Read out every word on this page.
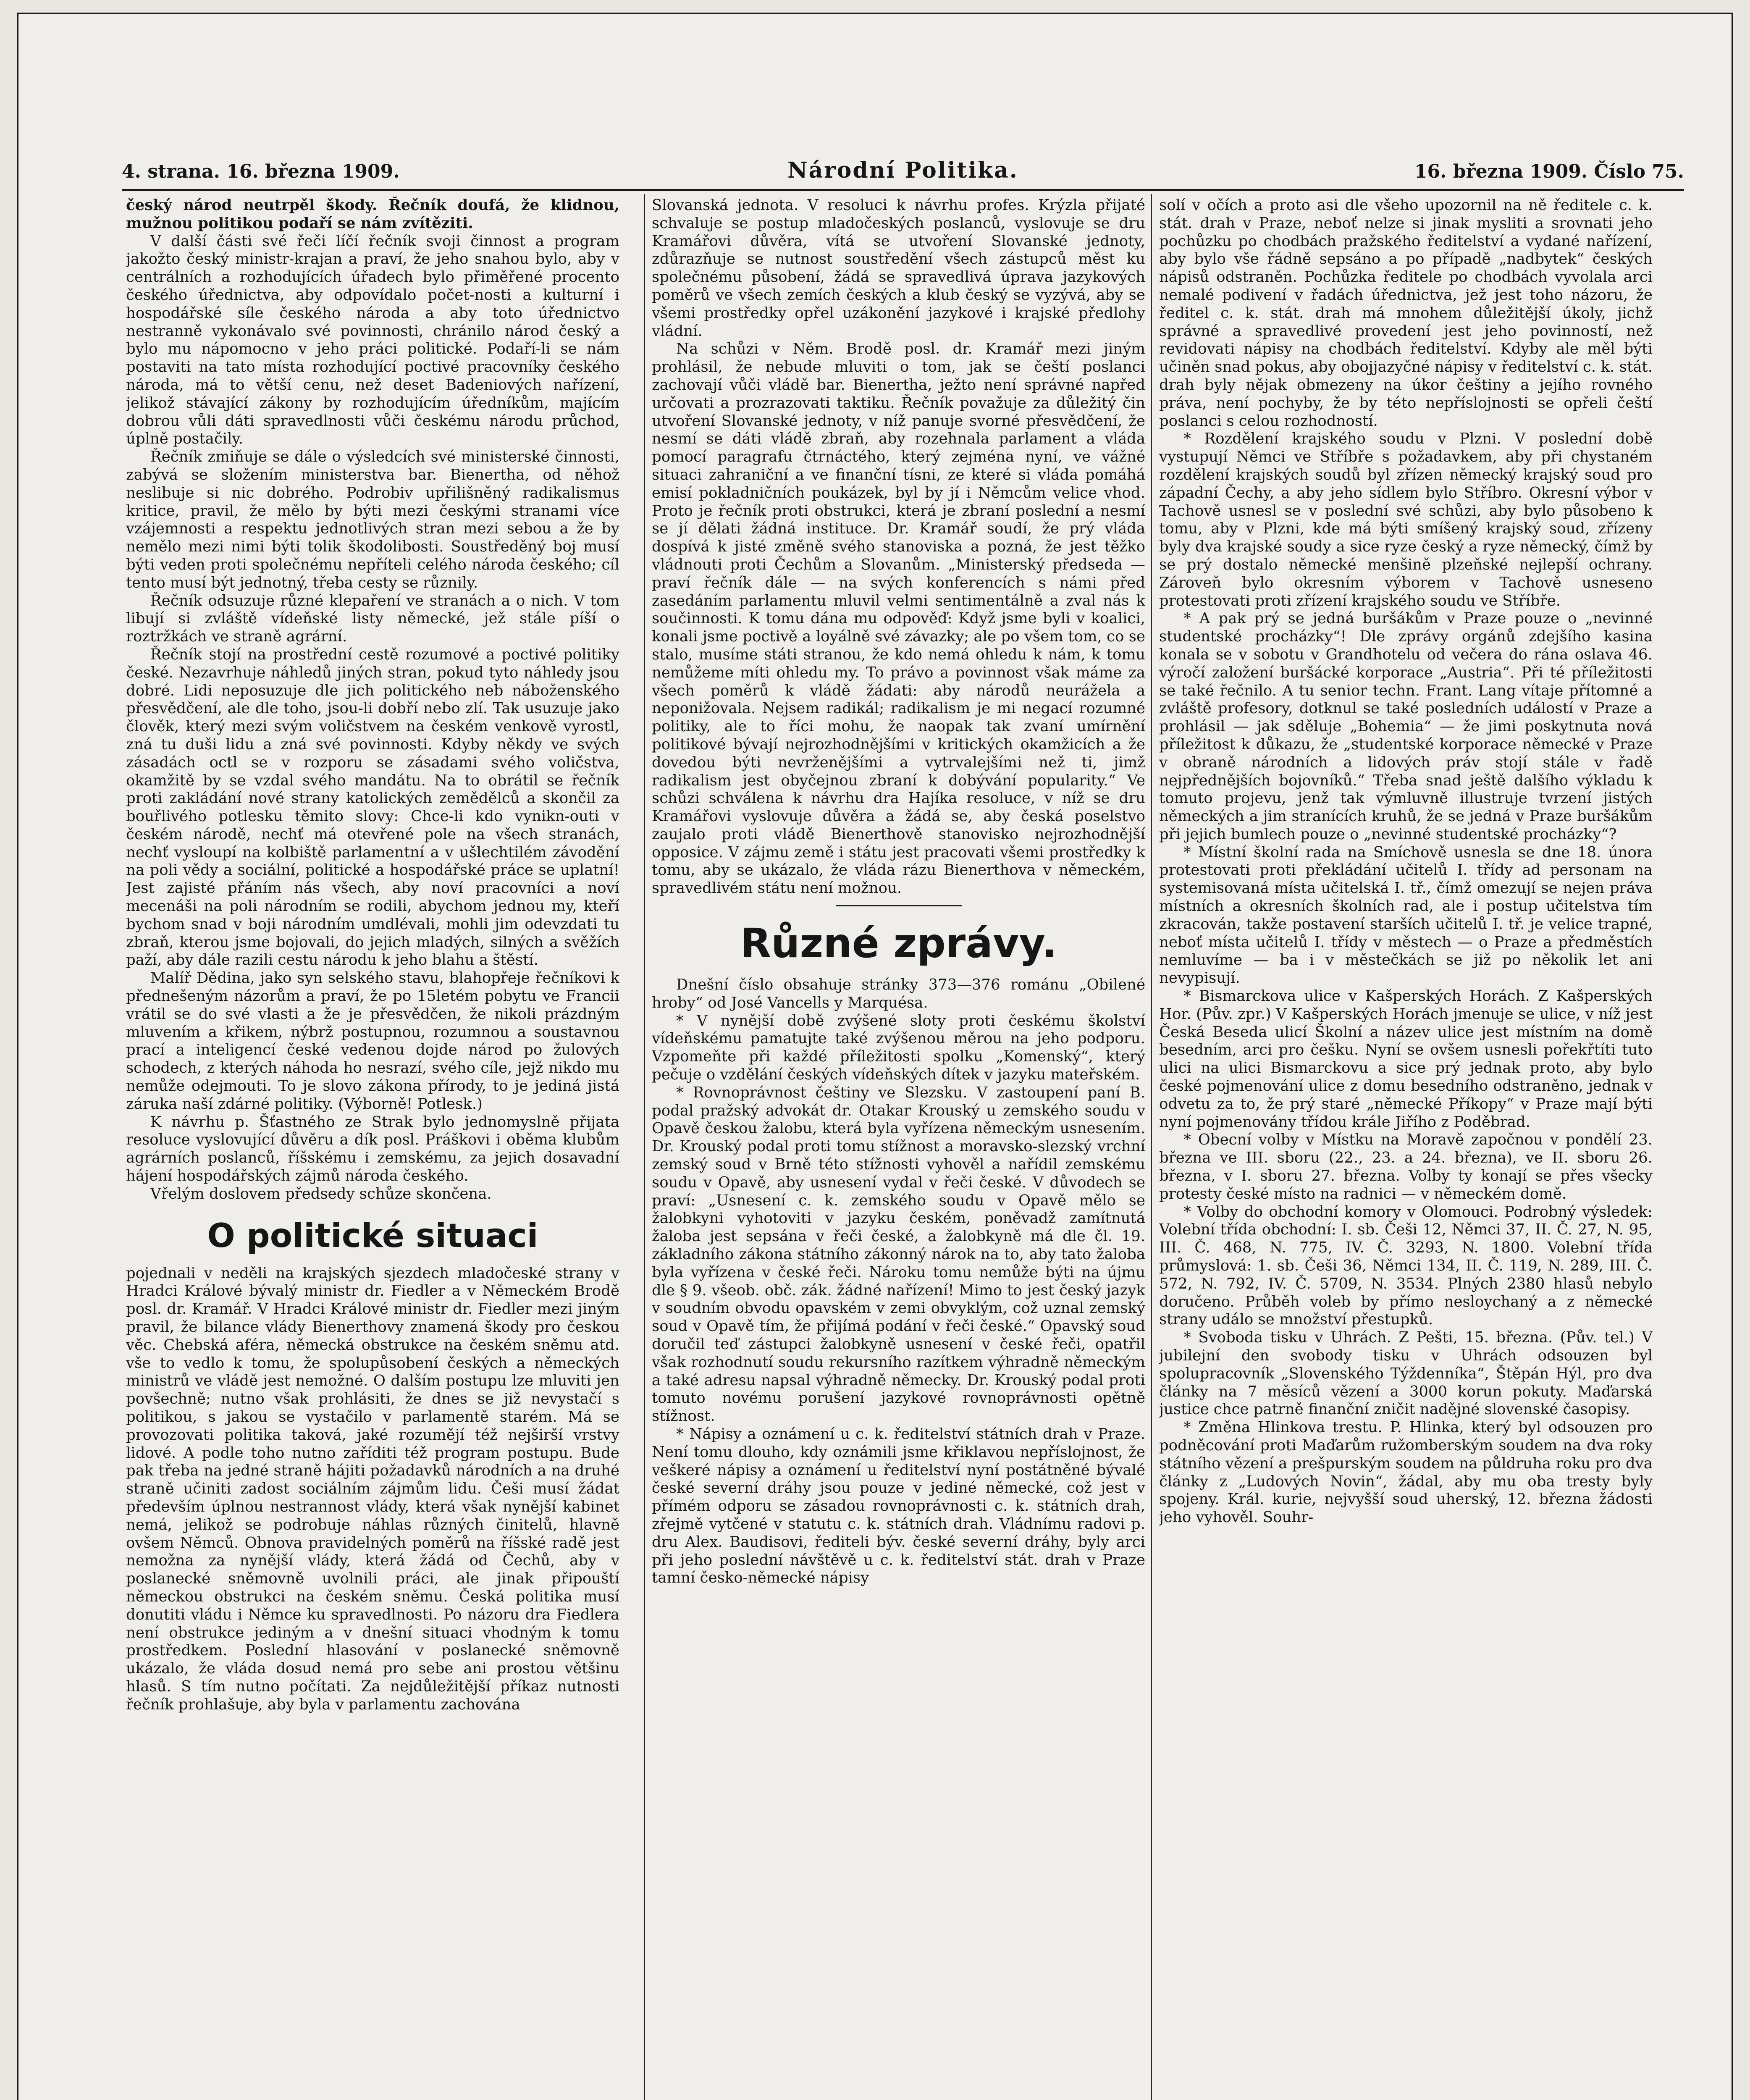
4. strana. 16. března 1909.	Národní Politika.	16. března 1909. Číslo 75.

český národ neutrpěl škody. Řečník doufá, že klidnou, mužnou politikou podaří se nám zvítěziti.

V další části své řeči líčí řečník svoji činnost a program jakožto český ministr-krajan a praví, že jeho snahou bylo, aby v centrálních a rozhodujících úřadech bylo přiměřené procento českého úřednictva, aby odpovídalo počet-nosti a kulturní i hospodářské síle českého národa a aby toto úřednictvo nestranně vykonávalo své povinnosti, chránilo národ český a bylo mu nápomocno v jeho práci politické. Podaří-li se nám postaviti na tato místa rozhodující poctivé pracovníky českého národa, má to větší cenu, než deset Badeniových nařízení, jelikož stávající zákony by rozhodujícím úředníkům, majícím dobrou vůli dáti spravedlnosti vůči českému národu průchod, úplně postačily.

Řečník zmiňuje se dále o výsledcích své ministerské činnosti, zabývá se složením ministerstva bar. Bienertha, od něhož neslibuje si nic dobrého. Podrobiv upřilišněný radikalismus kritice, pravil, že mělo by býti mezi českými stranami více vzájemnosti a respektu jednotlivých stran mezi sebou a že by nemělo mezi nimi býti tolik škodolibosti. Soustředěný boj musí býti veden proti společnému nepříteli celého národa českého; cíl tento musí být jednotný, třeba cesty se různily.

Řečník odsuzuje různé klepaření ve stranách a o nich. V tom libují si zvláště vídeňské listy německé, jež stále píší o roztržkách ve straně agrární.

Řečník stojí na prostřední cestě rozumové a poctivé politiky české. Nezavrhuje náhledů jiných stran, pokud tyto náhledy jsou dobré. Lidi neposuzuje dle jich politického neb náboženského přesvědčení, ale dle toho, jsou-li dobří nebo zlí. Tak usuzuje jako člověk, který mezi svým voličstvem na českém venkově vyrostl, zná tu duši lidu a zná své povinnosti. Kdyby někdy ve svých zásadách octl se v rozporu se zásadami svého voličstva, okamžitě by se vzdal svého mandátu. Na to obrátil se řečník proti zakládání nové strany katolických zemědělců a skončil za bouřlivého potlesku těmito slovy: Chce-li kdo vynikn-outi v českém národě, nechť má otevřené pole na všech stranách, nechť vysloupí na kolbiště parlamentní a v ušlechtilém závodění na poli vědy a sociální, politické a hospodářské práce se uplatní! Jest zajisté přáním nás všech, aby noví pracovníci a noví mecenáši na poli národním se rodili, abychom jednou my, kteří bychom snad v boji národním umdlévali, mohli jim odevzdati tu zbraň, kterou jsme bojovali, do jejich mladých, silných a svěžích paží, aby dále razili cestu národu k jeho blahu a štěstí.

Malíř Dědina, jako syn selského stavu, blahopřeje řečníkovi k přednešeným názorům a praví, že po 15letém pobytu ve Francii vrátil se do své vlasti a že je přesvědčen, že nikoli prázdným mluvením a křikem, nýbrž postupnou, rozumnou a soustavnou prací a inteligencí české vedenou dojde národ po žulových schodech, z kterých náhoda ho nesrazí, svého cíle, jejž nikdo mu nemůže odejmouti. To je slovo zákona přírody, to je jediná jistá záruka naší zdárné politiky. (Výborně! Potlesk.)

K návrhu p. Šťastného ze Strak bylo jednomyslně přijata resoluce vyslovující důvěru a dík posl. Práškovi i oběma klubům agrárních poslanců, říšskému i zemskému, za jejich dosavadní hájení hospodářských zájmů národa českého.

Vřelým doslovem předsedy schůze skončena.

O politické situaci

pojednali v neděli na krajských sjezdech mladočeské strany v Hradci Králové bývalý ministr dr. Fiedler a v Německém Brodě posl. dr. Kramář. V Hradci Králové ministr dr. Fiedler mezi jiným pravil, že bilance vlády Bienerthovy znamená škody pro českou věc. Chebská aféra, německá obstrukce na českém sněmu atd. vše to vedlo k tomu, že spolupůsobení českých a německých ministrů ve vládě jest nemožné. O dalším postupu lze mluviti jen povšechně; nutno však prohlásiti, že dnes se již nevystačí s politikou, s jakou se vystačilo v parlamentě starém. Má se provozovati politika taková, jaké rozumějí též nejširší vrstvy lidové. A podle toho nutno zaříditi též program postupu. Bude pak třeba na jedné straně hájiti požadavků národních a na druhé straně učiniti zadost sociálním zájmům lidu. Češi musí žádat především úplnou nestrannost vlády, která však nynější kabinet nemá, jelikož se podrobuje náhlas různých činitelů, hlavně ovšem Němců. Obnova pravidelných poměrů na říšské radě jest nemožna za nynější vlády, která žádá od Čechů, aby v poslanecké sněmovně uvolnili práci, ale jinak připouští německou obstrukci na českém sněmu. Česká politika musí donutiti vládu i Němce ku spravedlnosti. Po názoru dra Fiedlera není obstrukce jediným a v dnešní situaci vhodným k tomu prostředkem. Poslední hlasování v poslanecké sněmovně ukázalo, že vláda dosud nemá pro sebe ani prostou většinu hlasů. S tím nutno počítati. Za nejdůležitější příkaz nutnosti řečník prohlašuje, aby byla v parlamentu zachována

Slovanská jednota. V resoluci k návrhu profes. Krýzla přijaté schvaluje se postup mladočeských poslanců, vyslovuje se dru Kramářovi důvěra, vítá se utvoření Slovanské jednoty, zdůrazňuje se nutnost soustředění všech zástupců měst ku společnému působení, žádá se spravedlivá úprava jazykových poměrů ve všech zemích českých a klub český se vyzývá, aby se všemi prostředky opřel uzákonění jazykové i krajské předlohy vládní.

Na schůzi v Něm. Brodě posl. dr. Kramář mezi jiným prohlásil, že nebude mluviti o tom, jak se čeští poslanci zachovají vůči vládě bar. Bienertha, ježto není správné napřed určovati a prozrazovati taktiku. Řečník považuje za důležitý čin utvoření Slovanské jednoty, v níž panuje svorné přesvědčení, že nesmí se dáti vládě zbraň, aby rozehnala parlament a vláda pomocí paragrafu čtrnáctého, který zejména nyní, ve vážné situaci zahraniční a ve finanční tísni, ze které si vláda pomáhá emisí pokladničních poukázek, byl by jí i Němcům velice vhod. Proto je řečník proti obstrukci, která je zbraní poslední a nesmí se jí dělati žádná instituce. Dr. Kramář soudí, že prý vláda dospívá k jisté změně svého stanoviska a pozná, že jest těžko vládnouti proti Čechům a Slovanům. „Ministerský předseda — praví řečník dále — na svých konferencích s námi před zasedáním parlamentu mluvil velmi sentimentálně a zval nás k součinnosti. K tomu dána mu odpověď: Když jsme byli v koalici, konali jsme poctivě a loyálně své závazky; ale po všem tom, co se stalo, musíme státi stranou, že kdo nemá ohledu k nám, k tomu nemůžeme míti ohledu my. To právo a povinnost však máme za všech poměrů k vládě žádati: aby národů neurážela a neponižovala. Nejsem radikál; radikalism je mi negací rozumné politiky, ale to říci mohu, že naopak tak zvaní umírnění politikové bývají nejrozhodnějšími v kritických okamžicích a že dovedou býti nevrženějšími a vytrvalejšími než ti, jimž radikalism jest obyčejnou zbraní k dobývání popularity.“ Ve schůzi schválena k návrhu dra Hajíka resoluce, v níž se dru Kramářovi vyslovuje důvěra a žádá se, aby česká poselstvo zaujalo proti vládě Bienerthově stanovisko nejrozhodnější opposice. V zájmu země i státu jest pracovati všemi prostředky k tomu, aby se ukázalo, že vláda rázu Bienerthova v německém, spravedlivém státu není možnou.

Různé zprávy.

Dnešní číslo obsahuje stránky 373—376 románu „Obilené hroby“ od José Vancells y Marquésa.

* V nynější době zvýšené sloty proti českému školství vídeňskému pamatujte také zvýšenou měrou na jeho podporu. Vzpomeňte při každé příležitosti spolku „Komenský“, který pečuje o vzdělání českých vídeňských dítek v jazyku mateřském.

* Rovnoprávnost češtiny ve Slezsku. V zastoupení paní B. podal pražský advokát dr. Otakar Krouský u zemského soudu v Opavě českou žalobu, která byla vyřízena německým usnesením. Dr. Krouský podal proti tomu stížnost a moravsko-slezský vrchní zemský soud v Brně této stížnosti vyhověl a nařídil zemskému soudu v Opavě, aby usnesení vydal v řeči české. V důvodech se praví: „Usnesení c. k. zemského soudu v Opavě mělo se žalobkyni vyhotoviti v jazyku českém, poněvadž zamítnutá žaloba jest sepsána v řeči české, a žalobkyně má dle čl. 19. základního zákona státního zákonný nárok na to, aby tato žaloba byla vyřízena v české řeči. Nároku tomu nemůže býti na újmu dle § 9. všeob. obč. zák. žádné nařízení! Mimo to jest český jazyk v soudním obvodu opavském v zemi obvyklým, což uznal zemský soud v Opavě tím, že přijímá podání v řeči české.“ Opavský soud doručil teď zástupci žalobkyně usnesení v české řeči, opatřil však rozhodnutí soudu rekursního razítkem výhradně německým a také adresu napsal výhradně německy. Dr. Krouský podal proti tomuto novému porušení jazykové rovnoprávnosti opětně stížnost.

* Nápisy a oznámení u c. k. ředitelství státních drah v Praze. Není tomu dlouho, kdy oznámili jsme křiklavou nepříslojnost, že veškeré nápisy a oznámení u ředitelství nyní postátněné bývalé české severní dráhy jsou pouze v jediné německé, což jest v přímém odporu se zásadou rovnoprávnosti c. k. státních drah, zřejmě vytčené v statutu c. k. státních drah. Vládnímu radovi p. dru Alex. Baudisovi, řediteli býv. české severní dráhy, byly arci při jeho poslední návštěvě u c. k. ředitelství stát. drah v Praze tamní česko-německé nápisy

solí v očích a proto asi dle všeho upozornil na ně ředitele c. k. stát. drah v Praze, neboť nelze si jinak mysliti a srovnati jeho pochůzku po chodbách pražského ředitelství a vydané nařízení, aby bylo vše řádně sepsáno a po případě „nadbytek“ českých nápisů odstraněn. Pochůzka ředitele po chodbách vyvolala arci nemalé podivení v řadách úřednictva, jež jest toho názoru, že ředitel c. k. stát. drah má mnohem důležitější úkoly, jichž správné a spravedlivé provedení jest jeho povinností, než revidovati nápisy na chodbách ředitelství. Kdyby ale měl býti učiněn snad pokus, aby obojjazyčné nápisy v ředitelství c. k. stát. drah byly nějak obmezeny na úkor češtiny a jejího rovného práva, není pochyby, že by této nepříslojnosti se opřeli čeští poslanci s celou rozhodností.

* Rozdělení krajského soudu v Plzni. V poslední době vystupují Němci ve Stříbře s požadavkem, aby při chystaném rozdělení krajských soudů byl zřízen německý krajský soud pro západní Čechy, a aby jeho sídlem bylo Stříbro. Okresní výbor v Tachově usnesl se v poslední své schůzi, aby bylo působeno k tomu, aby v Plzni, kde má býti smíšený krajský soud, zřízeny byly dva krajské soudy a sice ryze český a ryze německý, čímž by se prý dostalo německé menšině plzeňské nejlepší ochrany. Zároveň bylo okresním výborem v Tachově usneseno protestovati proti zřízení krajského soudu ve Stříbře.

* A pak prý se jedná buršákům v Praze pouze o „nevinné studentské procházky“! Dle zprávy orgánů zdejšího kasina konala se v sobotu v Grandhotelu od večera do rána oslava 46. výročí založení buršácké korporace „Austria“. Při té příležitosti se také řečnilo. A tu senior techn. Frant. Lang vítaje přítomné a zvláště profesory, dotknul se také posledních událostí v Praze a prohlásil — jak sděluje „Bohemia“ — že jimi poskytnuta nová příležitost k důkazu, že „studentské korporace německé v Praze v obraně národních a lidových práv stojí stále v řadě nejpřednějších bojovníků.“ Třeba snad ještě dalšího výkladu k tomuto projevu, jenž tak výmluvně illustruje tvrzení jistých německých a jim stranících kruhů, že se jedná v Praze buršákům při jejich bumlech pouze o „nevinné studentské procházky“?

* Místní školní rada na Smíchově usnesla se dne 18. února protestovati proti překládání učitelů I. třídy ad personam na systemisovaná místa učitelská I. tř., čímž omezují se nejen práva místních a okresních školních rad, ale i postup učitelstva tím zkracován, takže postavení starších učitelů I. tř. je velice trapné, neboť místa učitelů I. třídy v městech — o Praze a předměstích nemluvíme — ba i v městečkách se již po několik let ani nevypisují.

* Bismarckova ulice v Kašperských Horách. Z Kašperských Hor. (Pův. zpr.) V Kašperských Horách jmenuje se ulice, v níž jest Česká Beseda ulicí Školní a název ulice jest místním na domě besedním, arci pro češku. Nyní se ovšem usnesli pořekřtíti tuto ulici na ulici Bismarckovu a sice prý jednak proto, aby bylo české pojmenování ulice z domu besedního odstraněno, jednak v odvetu za to, že prý staré „německé Příkopy“ v Praze mají býti nyní pojmenovány třídou krále Jiřího z Poděbrad.

* Obecní volby v Místku na Moravě započnou v pondělí 23. března ve III. sboru (22., 23. a 24. března), ve II. sboru 26. března, v I. sboru 27. března. Volby ty konají se přes všecky protesty české místo na radnici — v německém domě.

* Volby do obchodní komory v Olomouci. Podrobný výsledek: Volební třída obchodní: I. sb. Češi 12, Němci 37, II. Č. 27, N. 95, III. Č. 468, N. 775, IV. Č. 3293, N. 1800. Volební třída průmyslová: 1. sb. Češi 36, Němci 134, II. Č. 119, N. 289, III. Č. 572, N. 792, IV. Č. 5709, N. 3534. Plných 2380 hlasů nebylo doručeno. Průběh voleb by přímo nesloychaný a z německé strany událo se množství přestupků.

* Svoboda tisku v Uhrách. Z Pešti, 15. března. (Pův. tel.) V jubilejní den svobody tisku v Uhrách odsouzen byl spolupracovník „Slovenského Týždenníka“, Štěpán Hýl, pro dva články na 7 měsíců vězení a 3000 korun pokuty. Maďarská justice chce patrně finanční zničit nadějné slovenské časopisy.

* Změna Hlinkova trestu. P. Hlinka, který byl odsouzen pro podněcování proti Maďarům ružomberským soudem na dva roky státního vězení a prešpurským soudem na půldruha roku pro dva články z „Ludových Novin“, žádal, aby mu oba tresty byly spojeny. Král. kurie, nejvyšší soud uherský, 12. března žádosti jeho vyhověl. Souhr-
